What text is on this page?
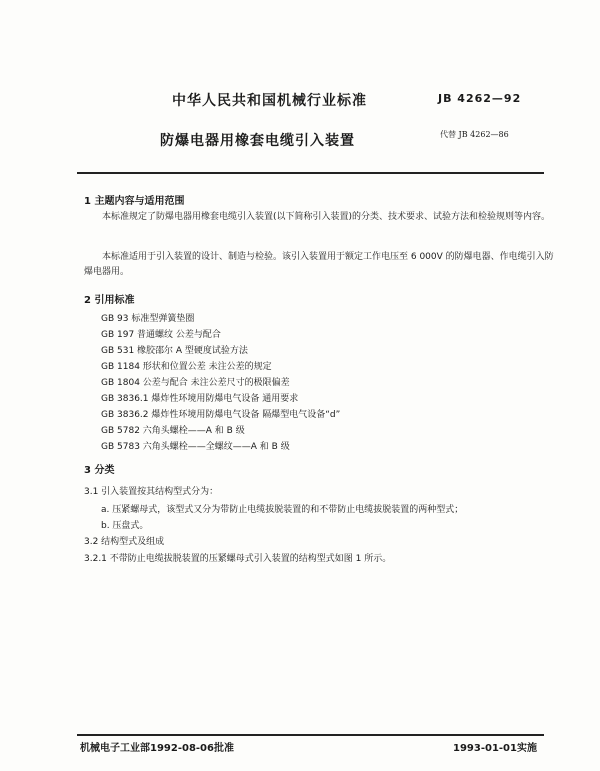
中华人民共和国机械行业标准	JB 4262—92
防爆电器用橡套电缆引入装置	代替 JB 4262—86
1 主题内容与适用范围
本标准规定了防爆电器用橡套电缆引入装置(以下简称引入装置)的分类、技术要求、试验方法和检验规则等内容。
本标准适用于引入装置的设计、制造与检验。该引入装置用于额定工作电压至 6 000V 的防爆电器、作电缆引入防爆电器用。
2 引用标准
GB 93 标准型弹簧垫圈
GB 197 普通螺纹 公差与配合
GB 531 橡胶邵尔 A 型硬度试验方法
GB 1184 形状和位置公差 未注公差的规定
GB 1804 公差与配合 未注公差尺寸的极限偏差
GB 3836.1 爆炸性环境用防爆电气设备 通用要求
GB 3836.2 爆炸性环境用防爆电气设备 隔爆型电气设备“d”
GB 5782 六角头螺栓——A 和 B 级
GB 5783 六角头螺栓——全螺纹——A 和 B 级
3 分类
3.1 引入装置按其结构型式分为：
a. 压紧螺母式，该型式又分为带防止电缆拔脱装置的和不带防止电缆拔脱装置的两种型式；
b. 压盘式。
3.2 结构型式及组成
3.2.1 不带防止电缆拔脱装置的压紧螺母式引入装置的结构型式如图 1 所示。
机械电子工业部1992-08-06批准	1993-01-01实施
